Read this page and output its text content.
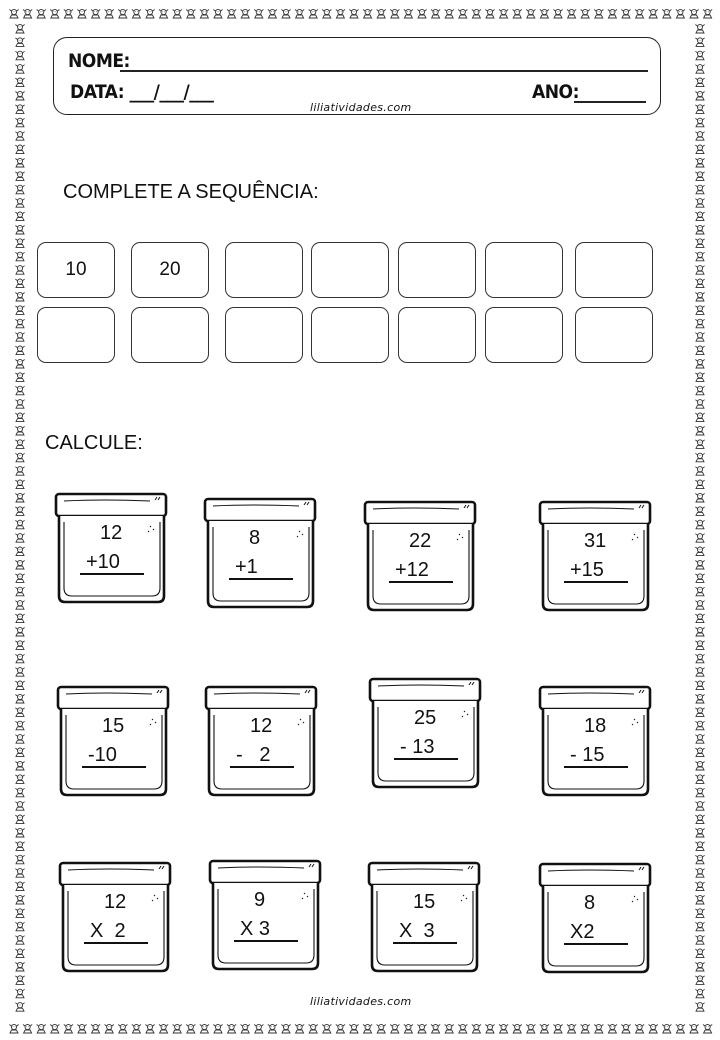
NOME:
DATA: ___/___/___	ANO:
liliatividades.com
COMPLETE A SEQUÊNCIA:
10	20
CALCULE:
12
+10
8
+1
22
+12
31
+15
15
-10
12
-   2
25
- 13
18
- 15
12
X  2
9
X 3
15
X  3
8
X2
liliatividades.com
